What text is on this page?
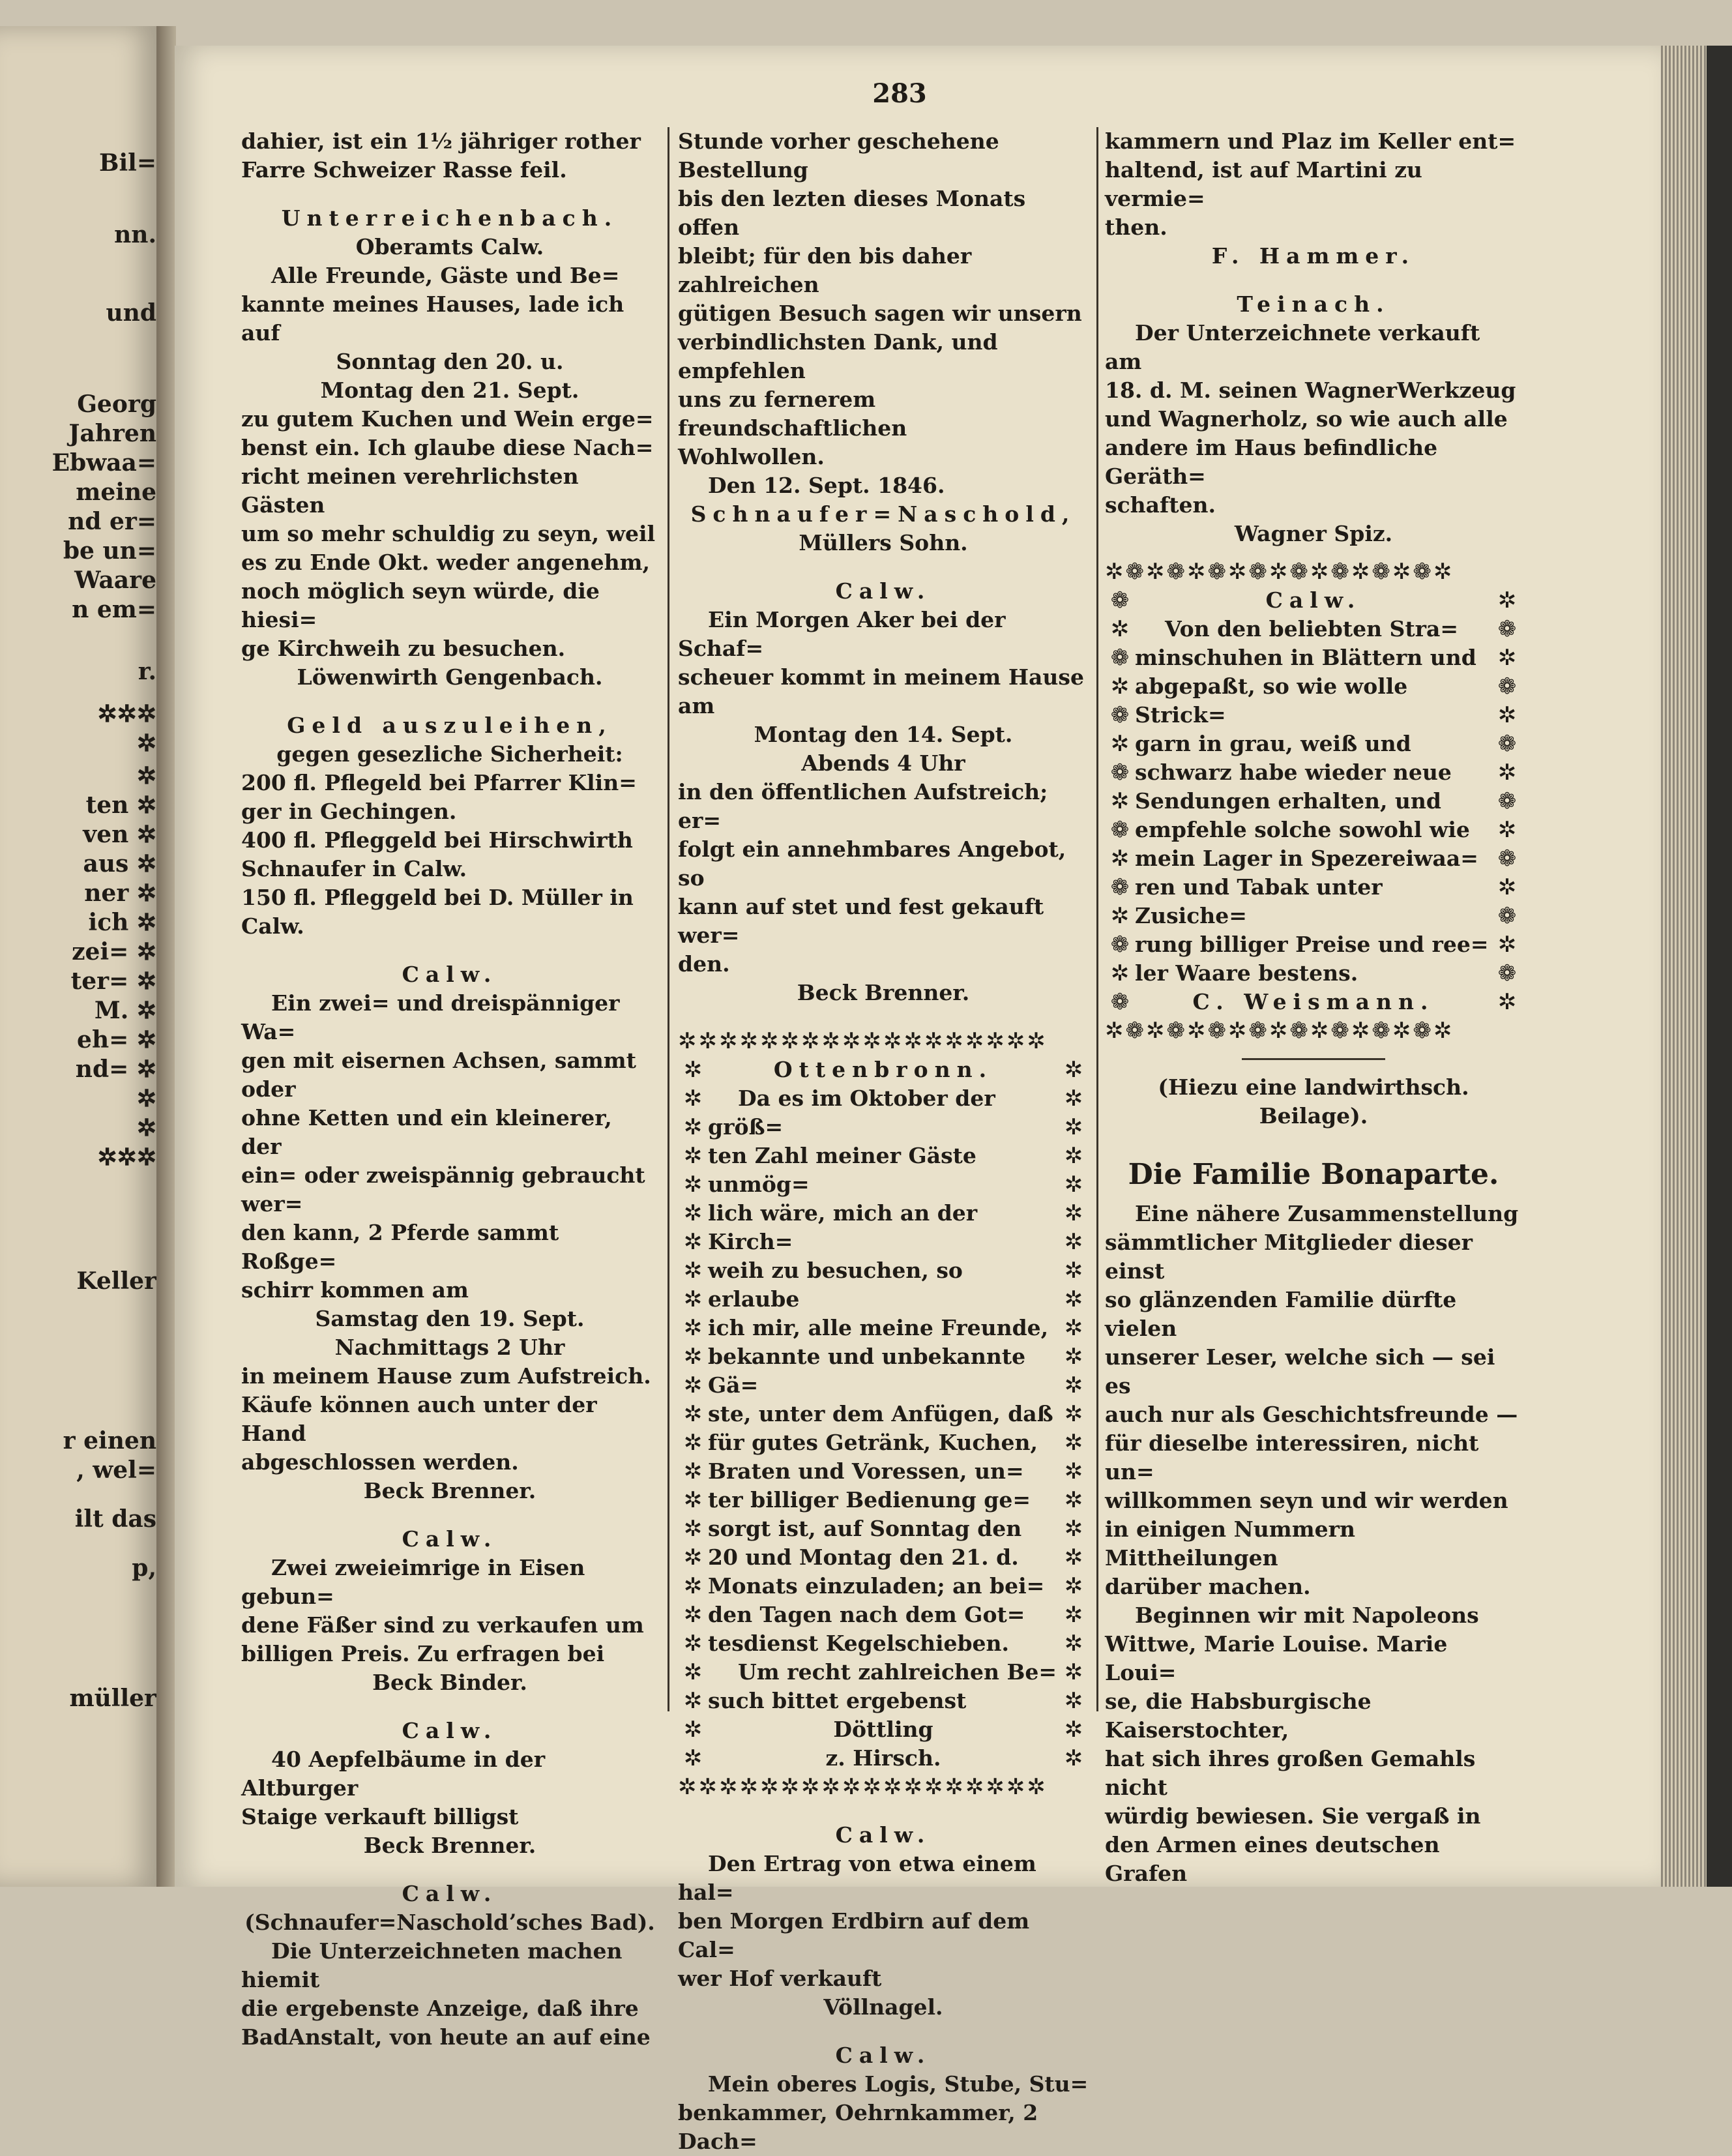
Bil=
nn.
und
Georg
Jahren
Ebwaa=
meine
nd er=
be un=
Waare
n em=
r.
✲✲✲
✲
✲
ten ✲
ven ✲
aus ✲
ner ✲
ich ✲
zei= ✲
ter= ✲
M. ✲
eh= ✲
nd= ✲
✲
✲
✲✲✲
Keller
r einen
, wel=
ilt das
p,
müller
283

dahier, ist ein 1½ jähriger rother
Farre Schweizer Rasse feil.

Unterreichenbach.

Oberamts Calw.

Alle Freunde, Gäste und Be=
kannte meines Hauses, lade ich auf

Sonntag den 20. u.
Montag den 21. Sept.

zu gutem Kuchen und Wein erge=
benst ein. Ich glaube diese Nach=
richt meinen verehrlichsten Gästen
um so mehr schuldig zu seyn, weil
es zu Ende Okt. weder angenehm,
noch möglich seyn würde, die hiesi=
ge Kirchweih zu besuchen.

Löwenwirth Gengenbach.

Geld auszuleihen,

gegen gesezliche Sicherheit:

200 fl. Pflegeld bei Pfarrer Klin=
ger in Gechingen.
400 fl. Pfleggeld bei Hirschwirth
Schnaufer in Calw.
150 fl. Pfleggeld bei D. Müller in
Calw.

Calw.

Ein zwei= und dreispänniger Wa=
gen mit eisernen Achsen, sammt oder
ohne Ketten und ein kleinerer, der
ein= oder zweispännig gebraucht wer=
den kann, 2 Pferde sammt Roßge=
schirr kommen am

Samstag den 19. Sept.
Nachmittags 2 Uhr

in meinem Hause zum Aufstreich.
Käufe können auch unter der Hand
abgeschlossen werden.

Beck Brenner.

Calw.

Zwei zweieimrige in Eisen gebun=
dene Fäßer sind zu verkaufen um
billigen Preis. Zu erfragen bei

Beck Binder.

Calw.

40 Aepfelbäume in der Altburger
Staige verkauft billigst

Beck Brenner.

Calw.

(Schnaufer=Nascholdʼsches Bad).

Die Unterzeichneten machen hiemit
die ergebenste Anzeige, daß ihre
BadAnstalt, von heute an auf eine

Stunde vorher geschehene Bestellung
bis den lezten dieses Monats offen
bleibt; für den bis daher zahlreichen
gütigen Besuch sagen wir unsern
verbindlichsten Dank, und empfehlen
uns zu fernerem freundschaftlichen
Wohlwollen.

Den 12. Sept. 1846.

Schnaufer=Naschold,

Müllers Sohn.

Calw.

Ein Morgen Aker bei der Schaf=
scheuer kommt in meinem Hause am

Montag den 14. Sept.
Abends 4 Uhr

in den öffentlichen Aufstreich; er=
folgt ein annehmbares Angebot, so
kann auf stet und fest gekauft wer=
den.

Beck Brenner.

✲✲✲✲✲✲✲✲✲✲✲✲✲✲✲✲✲✲
✲
✲
✲
✲
✲
✲
✲
✲
✲
✲
✲
✲
✲
✲
✲
✲
✲
✲
✲
✲
✲
✲
✲
✲
✲

Ottenbronn.

Da es im Oktober der größ=
ten Zahl meiner Gäste unmög=
lich wäre, mich an der Kirch=
weih zu besuchen, so erlaube
ich mir, alle meine Freunde,
bekannte und unbekannte Gä=
ste, unter dem Anfügen, daß
für gutes Getränk, Kuchen,
Braten und Voressen, un=
ter billiger Bedienung ge=
sorgt ist, auf Sonntag den
20 und Montag den 21. d.
Monats einzuladen; an bei=
den Tagen nach dem Got=
tesdienst Kegelschieben.

Um recht zahlreichen Be=
such bittet ergebenst

Döttling
z. Hirsch.

✲
✲
✲
✲
✲
✲
✲
✲
✲
✲
✲
✲
✲
✲
✲
✲
✲
✲
✲
✲
✲
✲
✲
✲
✲

✲✲✲✲✲✲✲✲✲✲✲✲✲✲✲✲✲✲

Calw.

Den Ertrag von etwa einem hal=
ben Morgen Erdbirn auf dem Cal=
wer Hof verkauft

Völlnagel.

Calw.

Mein oberes Logis, Stube, Stu=
benkammer, Oehrnkammer, 2 Dach=

kammern und Plaz im Keller ent=
haltend, ist auf Martini zu vermie=
then.

F. Hammer.

Teinach.

Der Unterzeichnete verkauft am
18. d. M. seinen WagnerWerkzeug
und Wagnerholz, so wie auch alle
andere im Haus befindliche Geräth=
schaften.

Wagner Spiz.

✲❁✲❁✲❁✲❁✲❁✲❁✲❁✲❁✲
❁
✲
❁
✲
❁
✲
❁
✲
❁
✲
❁
✲
❁
✲
❁

Calw.

Von den beliebten Stra=
minschuhen in Blättern und
abgepaßt, so wie wolle Strick=
garn in grau, weiß und
schwarz habe wieder neue
Sendungen erhalten, und
empfehle solche sowohl wie
mein Lager in Spezereiwaa=
ren und Tabak unter Zusiche=
rung billiger Preise und ree=
ler Waare bestens.

C. Weismann.

✲
❁
✲
❁
✲
❁
✲
❁
✲
❁
✲
❁
✲
❁
✲

✲❁✲❁✲❁✲❁✲❁✲❁✲❁✲❁✲

(Hiezu eine landwirthsch. Beilage).

Die Familie Bonaparte.

Eine nähere Zusammenstellung
sämmtlicher Mitglieder dieser einst
so glänzenden Familie dürfte vielen
unserer Leser, welche sich — sei es
auch nur als Geschichtsfreunde —
für dieselbe interessiren, nicht un=
willkommen seyn und wir werden
in einigen Nummern Mittheilungen
darüber machen.

Beginnen wir mit Napoleons
Wittwe, Marie Louise. Marie Loui=
se, die Habsburgische Kaiserstochter,
hat sich ihres großen Gemahls nicht
würdig bewiesen. Sie vergaß in
den Armen eines deutschen Grafen
